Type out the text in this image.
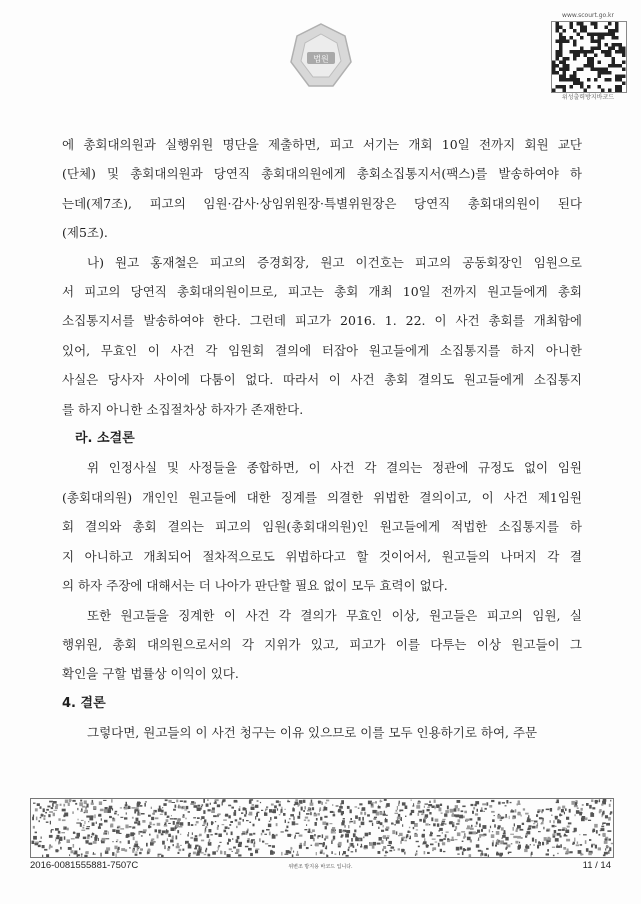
법원
www.scourt.go.kr
위성출력방지바코드

에 총회대의원과 실행위원 명단을 제출하면, 피고 서기는 개회 10일 전까지 회원 교단

(단체) 및 총회대의원과 당연직 총회대의원에게 총회소집통지서(팩스)를 발송하여야 하

는데(제7조), 피고의 임원·감사·상임위원장·특별위원장은 당연직 총회대의원이 된다

(제5조).

나) 원고 홍재철은 피고의 증경회장, 원고 이건호는 피고의 공동회장인 임원으로

서 피고의 당연직 총회대의원이므로, 피고는 총회 개최 10일 전까지 원고들에게 총회

소집통지서를 발송하여야 한다. 그런데 피고가 2016. 1. 22. 이 사건 총회를 개최함에

있어, 무효인 이 사건 각 임원회 결의에 터잡아 원고들에게 소집통지를 하지 아니한

사실은 당사자 사이에 다툼이 없다. 따라서 이 사건 총회 결의도 원고들에게 소집통지

를 하지 아니한 소집절차상 하자가 존재한다.

라. 소결론

위 인정사실 및 사정들을 종합하면, 이 사건 각 결의는 정관에 규정도 없이 임원

(총회대의원) 개인인 원고들에 대한 징계를 의결한 위법한 결의이고, 이 사건 제1임원

회 결의와 총회 결의는 피고의 임원(총회대의원)인 원고들에게 적법한 소집통지를 하

지 아니하고 개최되어 절차적으로도 위법하다고 할 것이어서, 원고들의 나머지 각 결

의 하자 주장에 대해서는 더 나아가 판단할 필요 없이 모두 효력이 없다.

또한 원고들을 징계한 이 사건 각 결의가 무효인 이상, 원고들은 피고의 임원, 실

행위원, 총회 대의원으로서의 각 지위가 있고, 피고가 이를 다투는 이상 원고들이 그

확인을 구할 법률상 이익이 있다.

4. 결론

그렇다면, 원고들의 이 사건 청구는 이유 있으므로 이를 모두 인용하기로 하여, 주문

2016-0081555881-7507C	위변조 방지용 바코드 입니다.	11 / 14
